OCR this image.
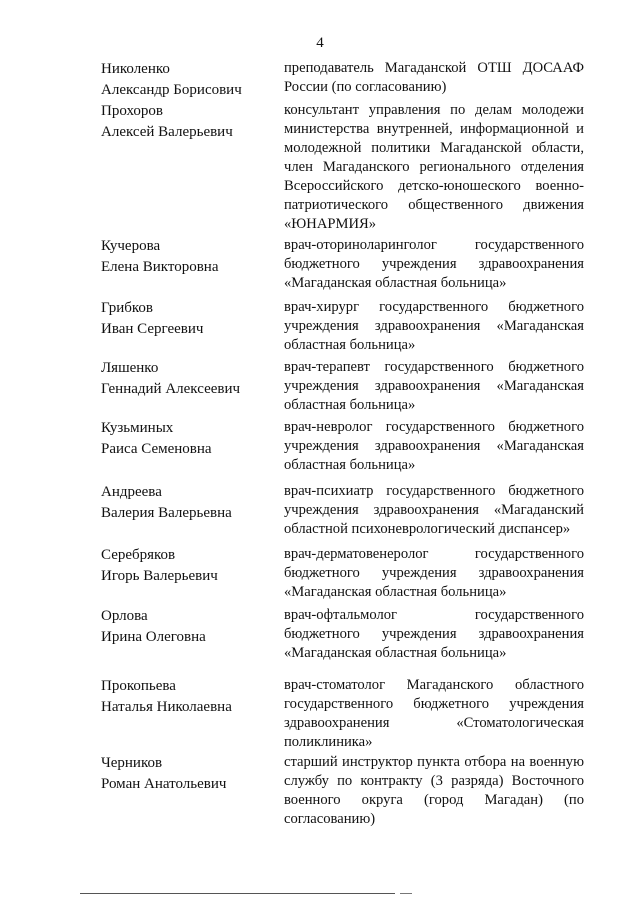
4
Николенко
Александр Борисович
преподаватель Магаданской ОТШ ДОСААФ России (по согласованию)
Прохоров
Алексей Валерьевич
консультант управления по делам молодежи министерства внутренней, информационной и молодежной политики Магаданской области, член Магаданского регионального отделения Всероссийского детско-юношеского военно-патриотического общественного движения «ЮНАРМИЯ»
Кучерова
Елена Викторовна
врач-оториноларинголог государственного бюджетного учреждения здравоохранения «Магаданская областная больница»
Грибков
Иван Сергеевич
врач-хирург государственного бюджетного учреждения здравоохранения «Магаданская областная больница»
Ляшенко
Геннадий Алексеевич
врач-терапевт государственного бюджетного учреждения здравоохранения «Магаданская областная больница»
Кузьминых
Раиса Семеновна
врач-невролог государственного бюджетного учреждения здравоохранения «Магаданская областная больница»
Андреева
Валерия Валерьевна
врач-психиатр государственного бюджетного учреждения здравоохранения «Магаданский областной психоневрологический диспансер»
Серебряков
Игорь Валерьевич
врач-дерматовенеролог государственного бюджетного учреждения здравоохранения «Магаданская областная больница»
Орлова
Ирина Олеговна
врач-офтальмолог государственного бюджетного учреждения здравоохранения «Магаданская областная больница»
Прокопьева
Наталья Николаевна
врач-стоматолог Магаданского областного государственного бюджетного учреждения здравоохранения «Стоматологическая поликлиника»
Черников
Роман Анатольевич
старший инструктор пункта отбора на военную службу по контракту (3 разряда) Восточного военного округа (город Магадан) (по согласованию)
